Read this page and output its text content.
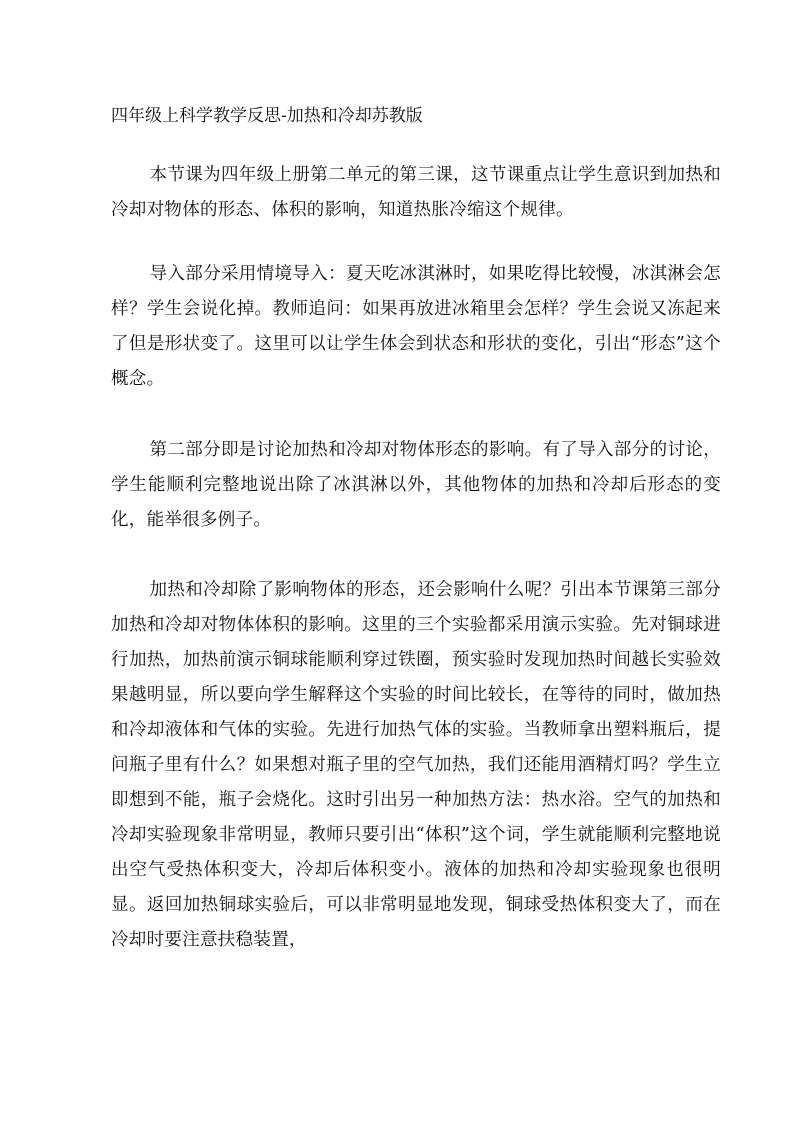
四年级上科学教学反思-加热和冷却苏教版

本节课为四年级上册第二单元的第三课，这节课重点让学生意识到加热和冷却对物体的形态、体积的影响，知道热胀冷缩这个规律。

导入部分采用情境导入：夏天吃冰淇淋时，如果吃得比较慢，冰淇淋会怎样？学生会说化掉。教师追问：如果再放进冰箱里会怎样？学生会说又冻起来了但是形状变了。这里可以让学生体会到状态和形状的变化，引出“形态”这个概念。

第二部分即是讨论加热和冷却对物体形态的影响。有了导入部分的讨论，学生能顺利完整地说出除了冰淇淋以外，其他物体的加热和冷却后形态的变化，能举很多例子。

加热和冷却除了影响物体的形态，还会影响什么呢？引出本节课第三部分加热和冷却对物体体积的影响。这里的三个实验都采用演示实验。先对铜球进行加热，加热前演示铜球能顺利穿过铁圈，预实验时发现加热时间越长实验效果越明显，所以要向学生解释这个实验的时间比较长，在等待的同时，做加热和冷却液体和气体的实验。先进行加热气体的实验。当教师拿出塑料瓶后，提问瓶子里有什么？如果想对瓶子里的空气加热，我们还能用酒精灯吗？学生立即想到不能，瓶子会烧化。这时引出另一种加热方法：热水浴。空气的加热和冷却实验现象非常明显，教师只要引出“体积”这个词，学生就能顺利完整地说出空气受热体积变大，冷却后体积变小。液体的加热和冷却实验现象也很明显。返回加热铜球实验后，可以非常明显地发现，铜球受热体积变大了，而在冷却时要注意扶稳装置，
